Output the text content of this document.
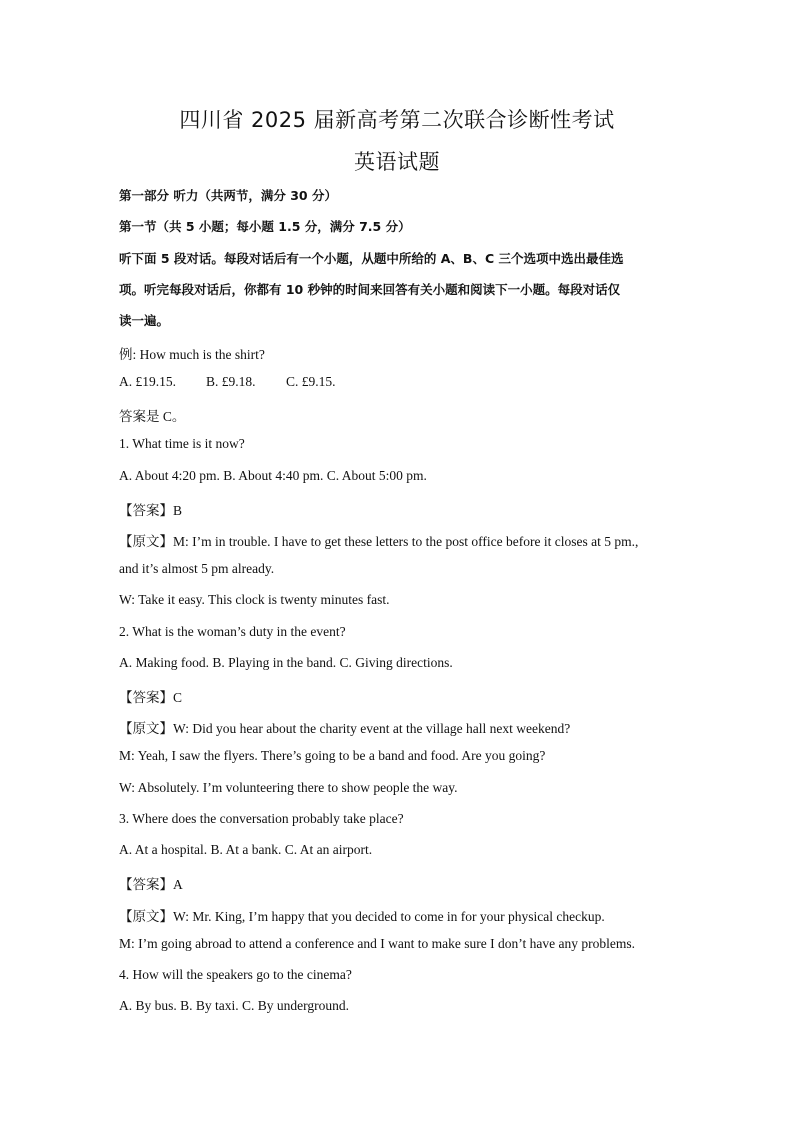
四川省 2025 届新高考第二次联合诊断性考试
英语试题
第一部分 听力（共两节，满分 30 分）
第一节（共 5 小题；每小题 1.5 分，满分 7.5 分）
听下面 5 段对话。每段对话后有一个小题，从题中所给的 A、B、C 三个选项中选出最佳选
项。听完每段对话后，你都有 10 秒钟的时间来回答有关小题和阅读下一小题。每段对话仅
读一遍。
例: How much is the shirt?
A. £19.15. B. £9.18. C. £9.15.
答案是 C。
1. What time is it now?
A. About 4:20 pm. B. About 4:40 pm. C. About 5:00 pm.
【答案】B
【原文】M: I’m in trouble. I have to get these letters to the post office before it closes at 5 pm.,
and it’s almost 5 pm already.
W: Take it easy. This clock is twenty minutes fast.
2. What is the woman’s duty in the event?
A. Making food. B. Playing in the band. C. Giving directions.
【答案】C
【原文】W: Did you hear about the charity event at the village hall next weekend?
M: Yeah, I saw the flyers. There’s going to be a band and food. Are you going?
W: Absolutely. I’m volunteering there to show people the way.
3. Where does the conversation probably take place?
A. At a hospital. B. At a bank. C. At an airport.
【答案】A
【原文】W: Mr. King, I’m happy that you decided to come in for your physical checkup.
M: I’m going abroad to attend a conference and I want to make sure I don’t have any problems.
4. How will the speakers go to the cinema?
A. By bus. B. By taxi. C. By underground.
